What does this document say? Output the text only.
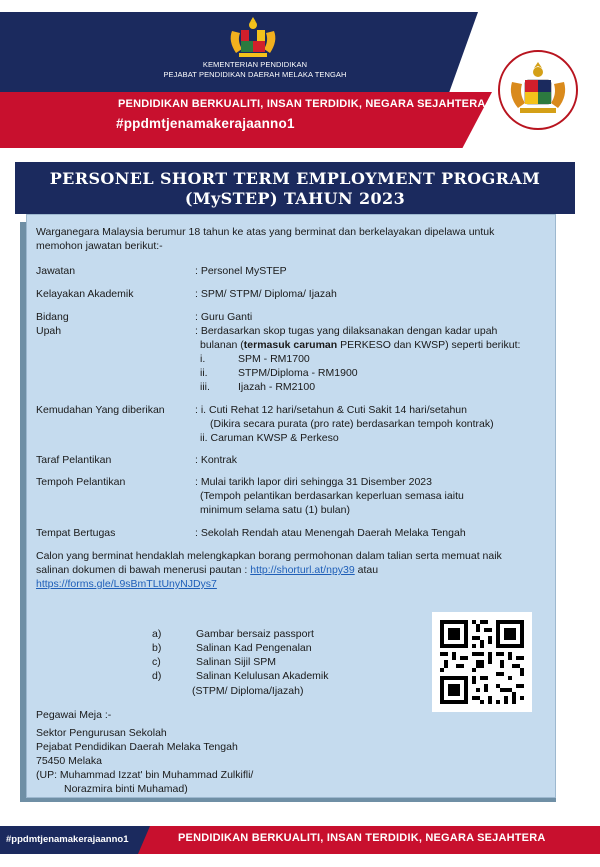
KEMENTERIAN PENDIDIKAN
PEJABAT PENDIDIKAN DAERAH MELAKA TENGAH
PENDIDIKAN BERKUALITI, INSAN TERDIDIK, NEGARA SEJAHTERA
#ppdmtjenamakerajaanno1
PERSONEL SHORT TERM EMPLOYMENT PROGRAM
(MySTEP) TAHUN 2023
Warganegara Malaysia berumur 18 tahun ke atas yang berminat dan berkelayakan dipelawa untuk
memohon jawatan berikut:-
Jawatan	: Personel MySTEP
Kelayakan Akademik	: SPM/ STPM/ Diploma/ Ijazah
Bidang	: Guru Ganti
Upah	: Berdasarkan skop tugas yang dilaksanakan dengan kadar upah
bulanan (termasuk caruman PERKESO dan KWSP) seperti berikut:
i.	SPM - RM1700
ii.	STPM/Diploma - RM1900
iii.	Ijazah - RM2100
Kemudahan Yang diberikan	: i. Cuti Rehat 12 hari/setahun & Cuti Sakit 14 hari/setahun
(Dikira secara purata (pro rate) berdasarkan tempoh kontrak)
ii. Caruman KWSP & Perkeso
Taraf Pelantikan	: Kontrak
Tempoh Pelantikan	: Mulai tarikh lapor diri sehingga 31 Disember 2023
(Tempoh pelantikan berdasarkan keperluan semasa iaitu
minimum selama satu (1) bulan)
Tempat Bertugas	: Sekolah Rendah atau Menengah Daerah Melaka Tengah
Calon yang berminat hendaklah melengkapkan borang permohonan dalam talian serta memuat naik
salinan dokumen di bawah menerusi pautan : http://shorturl.at/npy39 atau
https://forms.gle/L9sBmTLtUnyNJDys7
a)	Gambar bersaiz passport
b)	Salinan Kad Pengenalan
c)	Salinan Sijil SPM
d)	Salinan Kelulusan Akademik
(STPM/ Diploma/Ijazah)
Pegawai Meja :-
Sektor Pengurusan Sekolah
Pejabat Pendidikan Daerah Melaka Tengah
75450 Melaka
(UP: Muhammad Izzat' bin Muhammad Zulkifli/
Norazmira binti Muhamad)
#ppdmtjenamakerajaanno1	PENDIDIKAN BERKUALITI, INSAN TERDIDIK, NEGARA SEJAHTERA
